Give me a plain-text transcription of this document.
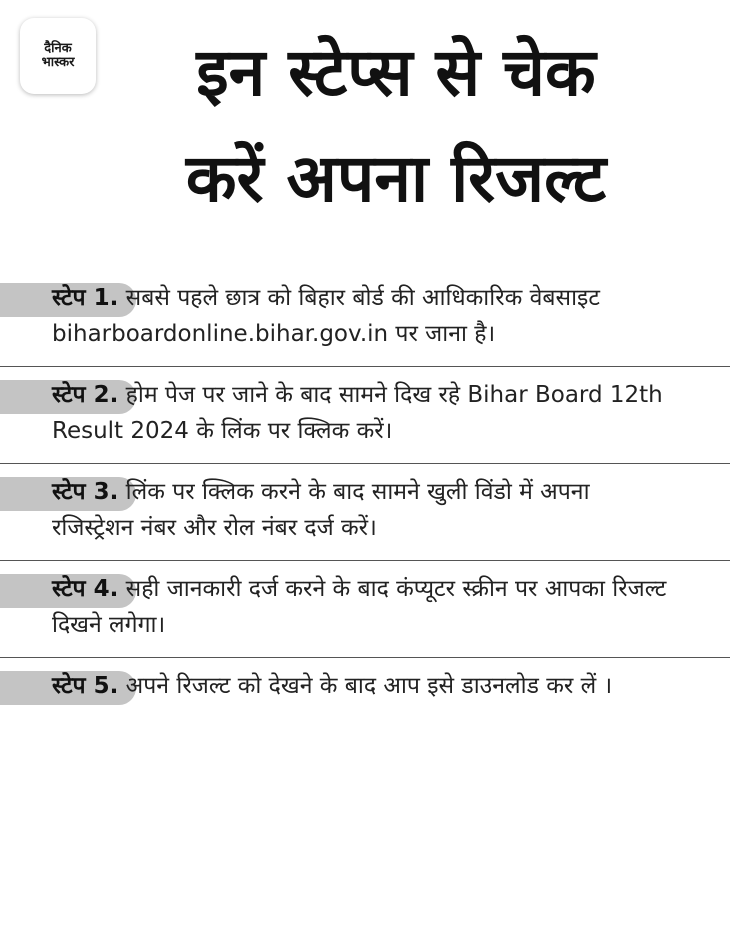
दैनिक
भास्कर	इन स्टेप्स से चेक
करें अपना रिजल्ट
स्टेप 1. सबसे पहले छात्र को बिहार बोर्ड की आधिकारिक वेबसाइट biharboardonline.bihar.gov.in पर जाना है।
स्टेप 2. होम पेज पर जाने के बाद सामने दिख रहे Bihar Board 12th Result 2024 के लिंक पर क्लिक करें।
स्टेप 3. लिंक पर क्लिक करने के बाद सामने खुली विंडो में अपना रजिस्ट्रेशन नंबर और रोल नंबर दर्ज करें।
स्टेप 4. सही जानकारी दर्ज करने के बाद कंप्यूटर स्क्रीन पर आपका रिजल्ट दिखने लगेगा।
स्टेप 5. अपने रिजल्ट को देखने के बाद आप इसे डाउनलोड कर लें ।
